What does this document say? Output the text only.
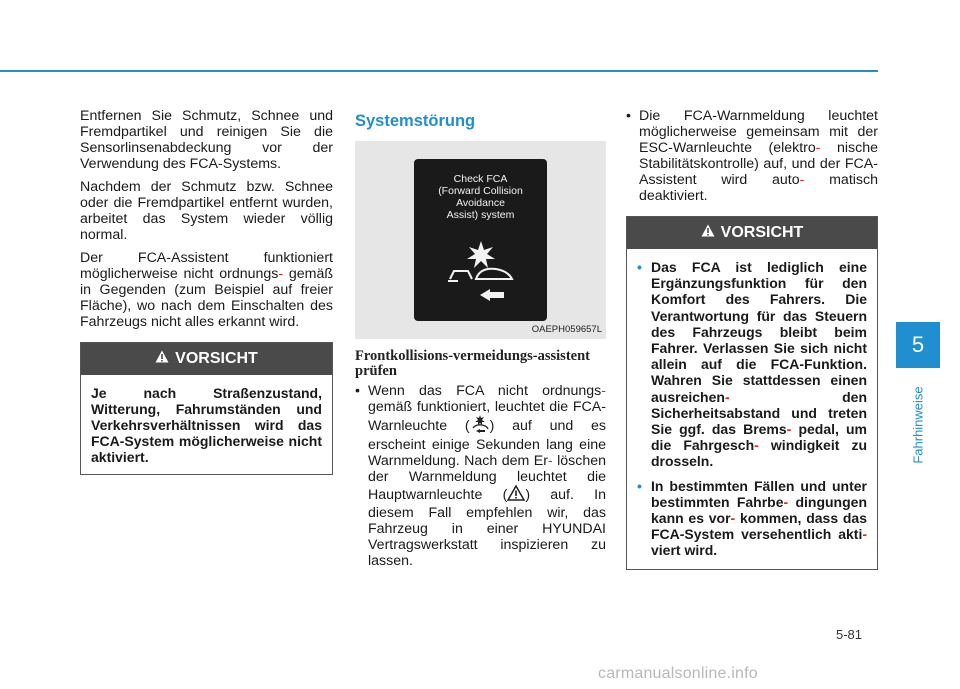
Entfernen Sie Schmutz, Schnee und Fremdpartikel und reinigen Sie die Sensorlinsenabdeckung vor der Verwendung des FCA-Systems.

Nachdem der Schmutz bzw. Schnee oder die Fremdpartikel entfernt wurden, arbeitet das System wieder völlig normal.

Der FCA-Assistent funktioniert möglicherweise nicht ordnungs- gemäß in Gegenden (zum Beispiel auf freier Fläche), wo nach dem Einschalten des Fahrzeugs nicht alles erkannt wird.

VORSICHT
Je nach Straßenzustand, Witterung, Fahrumständen und Verkehrsverhältnissen wird das FCA-System möglicherweise nicht aktiviert.
Systemstörung
Check FCA
(Forward Collision
Avoidance
Assist) system
OAEPH059657L
Frontkollisions-vermeidungs-assistent prüfen
• Wenn das FCA nicht ordnungs- gemäß funktioniert, leuchtet die FCA-Warnleuchte ( ) auf und es erscheint einige Sekunden lang eine Warnmeldung. Nach dem Er- löschen der Warnmeldung leuchtet die Hauptwarnleuchte ( ) auf. In diesem Fall empfehlen wir, das Fahrzeug in einer HYUNDAI Vertragswerkstatt inspizieren zu lassen.
• Die FCA-Warnmeldung leuchtet möglicherweise gemeinsam mit der ESC-Warnleuchte (elektro- nische Stabilitätskontrolle) auf, und der FCA-Assistent wird auto- matisch deaktiviert.
VORSICHT
• Das FCA ist lediglich eine Ergänzungsfunktion für den Komfort des Fahrers. Die Verantwortung für das Steuern des Fahrzeugs bleibt beim Fahrer. Verlassen Sie sich nicht allein auf die FCA-Funktion. Wahren Sie stattdessen einen ausreichen-	den Sicherheitsabstand und treten Sie ggf. das Brems- pedal, um die Fahrgesch- windigkeit zu drosseln.
• In bestimmten Fällen und unter bestimmten Fahrbe- dingungen kann es vor- kommen, dass das FCA-System versehentlich akti- viert wird.
5
Fahrhinweise
5-81
carmanualsonline.info
